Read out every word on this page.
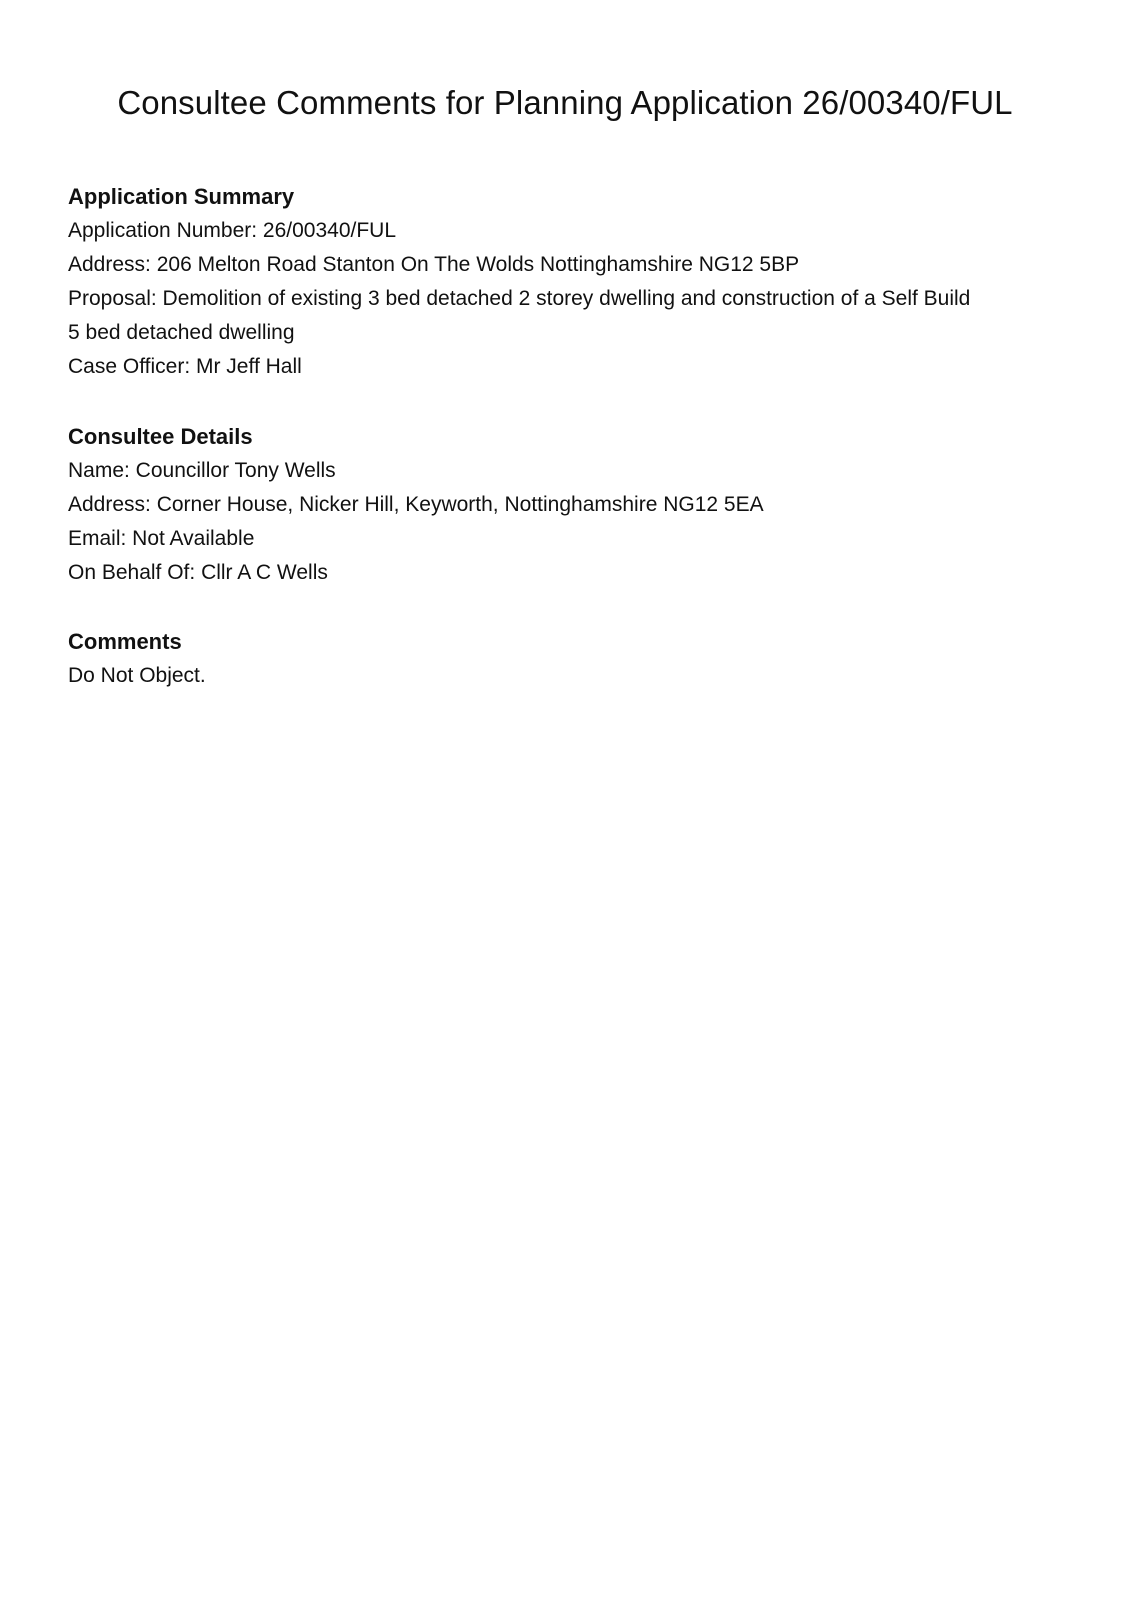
Consultee Comments for Planning Application 26/00340/FUL
Application Summary

Application Number: 26/00340/FUL

Address: 206 Melton Road Stanton On The Wolds Nottinghamshire NG12 5BP

Proposal: Demolition of existing 3 bed detached 2 storey dwelling and construction of a Self Build

5 bed detached dwelling

Case Officer: Mr Jeff Hall

Consultee Details

Name: Councillor Tony Wells

Address: Corner House, Nicker Hill, Keyworth, Nottinghamshire NG12 5EA

Email: Not Available

On Behalf Of: Cllr A C Wells

Comments

Do Not Object.
